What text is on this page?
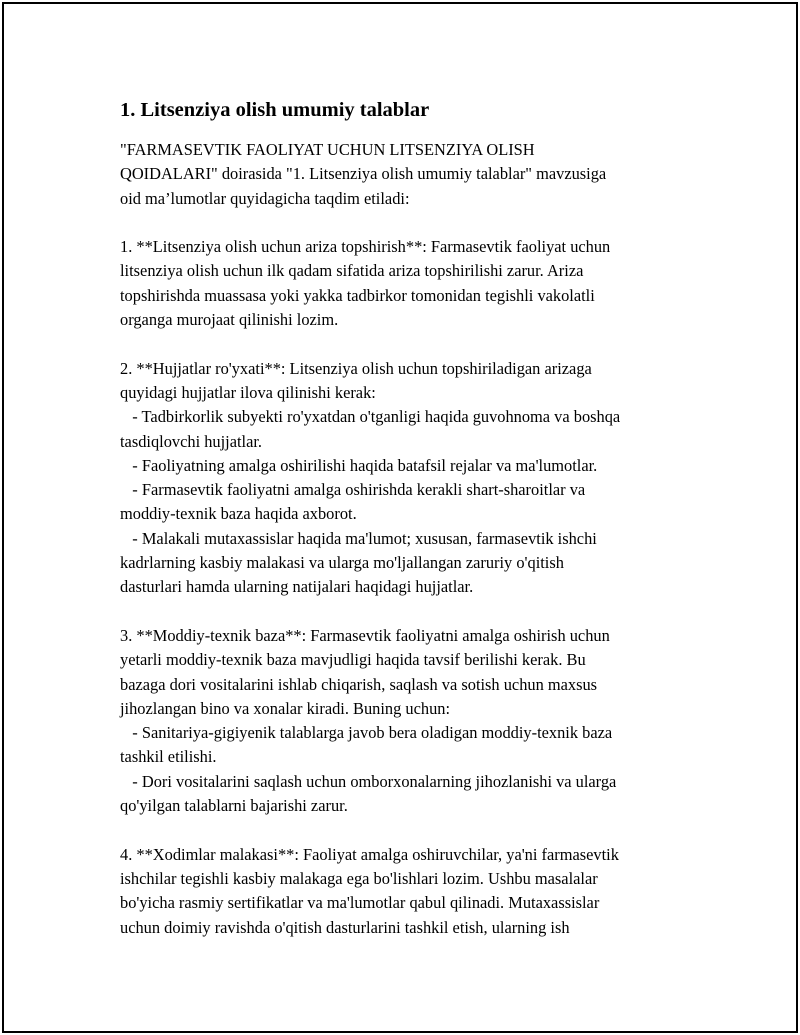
1. Litsenziya olish umumiy talablar

"FARMASEVTIK FAOLIYAT UCHUN LITSENZIYA OLISH
QOIDALARI" doirasida "1. Litsenziya olish umumiy talablar" mavzusiga
oid ma’lumotlar quyidagicha taqdim etiladi:

1. **Litsenziya olish uchun ariza topshirish**: Farmasevtik faoliyat uchun
litsenziya olish uchun ilk qadam sifatida ariza topshirilishi zarur. Ariza
topshirishda muassasa yoki yakka tadbirkor tomonidan tegishli vakolatli
organga murojaat qilinishi lozim.

2. **Hujjatlar ro'yxati**: Litsenziya olish uchun topshiriladigan arizaga
quyidagi hujjatlar ilova qilinishi kerak:
- Tadbirkorlik subyekti ro'yxatdan o'tganligi haqida guvohnoma va boshqa
tasdiqlovchi hujjatlar.
- Faoliyatning amalga oshirilishi haqida batafsil rejalar va ma'lumotlar.
- Farmasevtik faoliyatni amalga oshirishda kerakli shart-sharoitlar va
moddiy-texnik baza haqida axborot.
- Malakali mutaxassislar haqida ma'lumot; xususan, farmasevtik ishchi
kadrlarning kasbiy malakasi va ularga mo'ljallangan zaruriy o'qitish
dasturlari hamda ularning natijalari haqidagi hujjatlar.

3. **Moddiy-texnik baza**: Farmasevtik faoliyatni amalga oshirish uchun
yetarli moddiy-texnik baza mavjudligi haqida tavsif berilishi kerak. Bu
bazaga dori vositalarini ishlab chiqarish, saqlash va sotish uchun maxsus
jihozlangan bino va xonalar kiradi. Buning uchun:
- Sanitariya-gigiyenik talablarga javob bera oladigan moddiy-texnik baza
tashkil etilishi.
- Dori vositalarini saqlash uchun omborxonalarning jihozlanishi va ularga
qo'yilgan talablarni bajarishi zarur.

4. **Xodimlar malakasi**: Faoliyat amalga oshiruvchilar, ya'ni farmasevtik
ishchilar tegishli kasbiy malakaga ega bo'lishlari lozim. Ushbu masalalar
bo'yicha rasmiy sertifikatlar va ma'lumotlar qabul qilinadi. Mutaxassislar
uchun doimiy ravishda o'qitish dasturlarini tashkil etish, ularning ish
